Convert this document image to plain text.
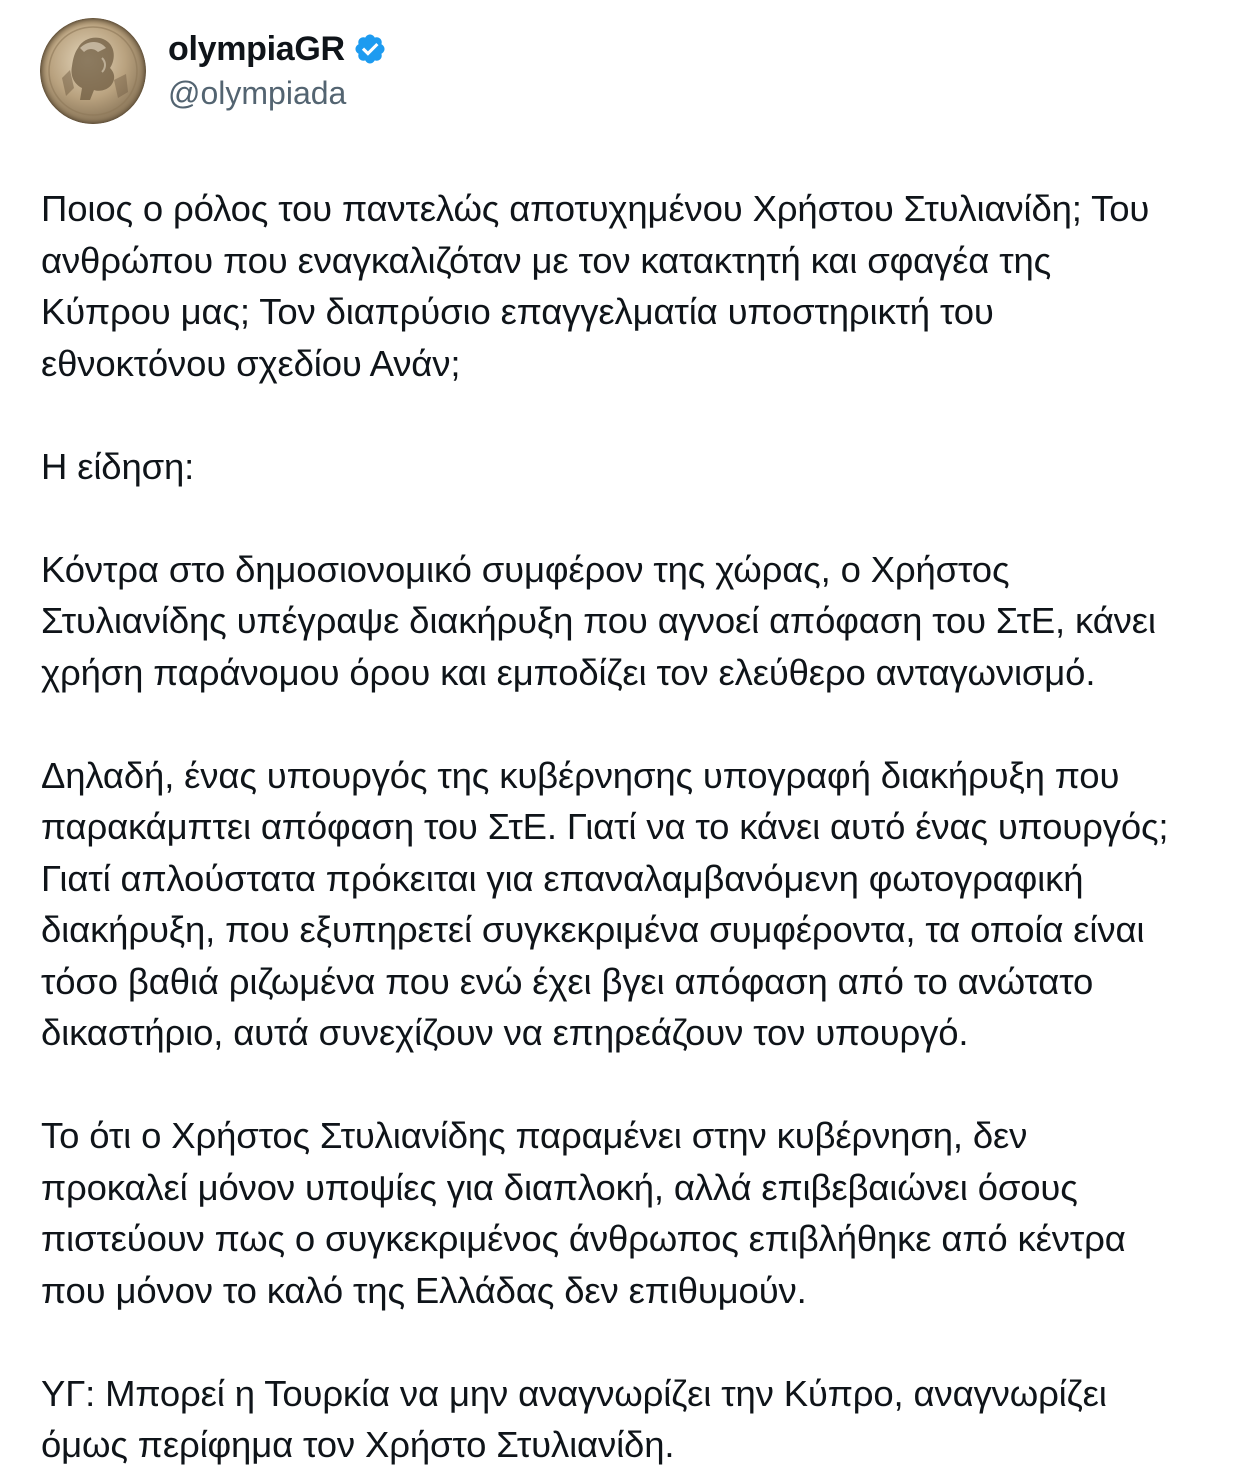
olympiaGR
@olympiada

Ποιος ο ρόλος του παντελώς αποτυχημένου Χρήστου Στυλιανίδη; Του
ανθρώπου που εναγκαλιζόταν με τον κατακτητή και σφαγέα της
Κύπρου μας; Τον διαπρύσιο επαγγελματία υποστηρικτή του
εθνοκτόνου σχεδίου Ανάν;

Η είδηση:

Κόντρα στο δημοσιονομικό συμφέρον της χώρας, ο Χρήστος
Στυλιανίδης υπέγραψε διακήρυξη που αγνοεί απόφαση του ΣτΕ, κάνει
χρήση παράνομου όρου και εμποδίζει τον ελεύθερο ανταγωνισμό.

Δηλαδή, ένας υπουργός της κυβέρνησης υπογραφή διακήρυξη που
παρακάμπτει απόφαση του ΣτΕ. Γιατί να το κάνει αυτό ένας υπουργός;
Γιατί απλούστατα πρόκειται για επαναλαμβανόμενη φωτογραφική
διακήρυξη, που εξυπηρετεί συγκεκριμένα συμφέροντα, τα οποία είναι
τόσο βαθιά ριζωμένα που ενώ έχει βγει απόφαση από το ανώτατο
δικαστήριο, αυτά συνεχίζουν να επηρεάζουν τον υπουργό.

Το ότι ο Χρήστος Στυλιανίδης παραμένει στην κυβέρνηση, δεν
προκαλεί μόνον υποψίες για διαπλοκή, αλλά επιβεβαιώνει όσους
πιστεύουν πως ο συγκεκριμένος άνθρωπος επιβλήθηκε από κέντρα
που μόνον το καλό της Ελλάδας δεν επιθυμούν.

ΥΓ: Μπορεί η Τουρκία να μην αναγνωρίζει την Κύπρο, αναγνωρίζει
όμως περίφημα τον Χρήστο Στυλιανίδη.
